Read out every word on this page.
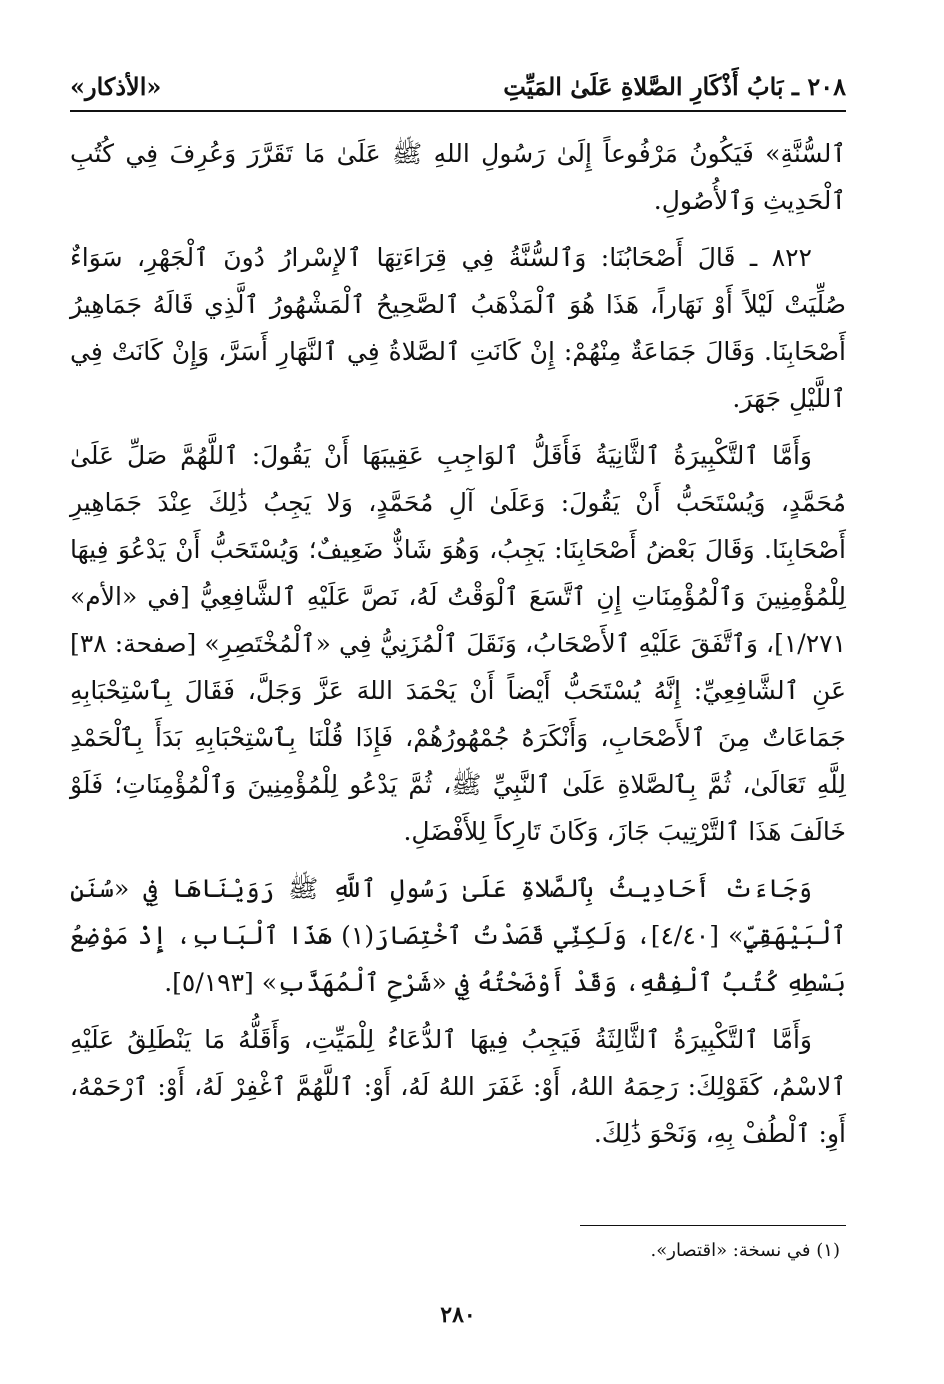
٢٠٨ ـ بَابُ أَذْكَارِ الصَّلاةِ عَلَىٰ المَيِّتِ
«الأذكار»

ٱلسُّنَّةِ» فَيَكُونُ مَرْفُوعاً إِلَىٰ رَسُولِ اللهِ ﷺ عَلَىٰ مَا تَقَرَّرَ وَعُرِفَ فِي كُتُبِ ٱلْحَدِيثِ وَٱلأُصُولِ.

٨٢٢ ـ قَالَ أَصْحَابُنَا: وَٱلسُّنَّةُ فِي قِرَاءَتِهَا ٱلإِسْرارُ دُونَ ٱلْجَهْرِ، سَوَاءٌ صُلِّيَتْ لَيْلاً أَوْ نَهَاراً، هَذَا هُوَ ٱلْمَذْهَبُ ٱلصَّحِيحُ ٱلْمَشْهُورُ ٱلَّذِي قَالَهُ جَمَاهِيرُ أَصْحَابِنَا. وَقَالَ جَمَاعَةٌ مِنْهُمْ: إِنْ كَانَتِ ٱلصَّلاةُ فِي ٱلنَّهَارِ أَسَرَّ، وَإِنْ كَانَتْ فِي ٱللَّيْلِ جَهَرَ.

وَأَمَّا ٱلتَّكْبِيرَةُ ٱلثَّانِيَةُ فَأَقَلُّ ٱلوَاجِبِ عَقِيبَهَا أَنْ يَقُولَ: ٱللَّهُمَّ صَلِّ عَلَىٰ مُحَمَّدٍ، وَيُسْتَحَبُّ أَنْ يَقُولَ: وَعَلَىٰ آلِ مُحَمَّدٍ، وَلا يَجِبُ ذَٰلِكَ عِنْدَ جَمَاهِيرِ أَصْحَابِنَا. وَقَالَ بَعْضُ أَصْحَابِنَا: يَجِبُ، وَهُوَ شَاذٌّ ضَعِيفٌ؛ وَيُسْتَحَبُّ أَنْ يَدْعُوَ فِيهَا لِلْمُؤْمِنِينَ وَٱلْمُؤْمِنَاتِ إِنِ ٱتَّسَعَ ٱلْوَقْتُ لَهُ، نَصَّ عَلَيْهِ ٱلشَّافِعِيُّ [في «الأم» ١/٢٧١]، وَٱتَّفَقَ عَلَيْهِ ٱلأَصْحَابُ، وَنَقَلَ ٱلْمُزَنِيُّ فِي «ٱلْمُخْتَصِرِ» [صفحة: ٣٨] عَنِ ٱلشَّافِعِيِّ: إِنَّهُ يُسْتَحَبُّ أَيْضاً أَنْ يَحْمَدَ اللهَ عَزَّ وَجَلَّ، فَقَالَ بِٱسْتِحْبَابِهِ جَمَاعَاتٌ مِنَ ٱلأَصْحَابِ، وَأَنْكَرَهُ جُمْهُورُهُمْ، فَإِذَا قُلْنَا بِٱسْتِحْبَابِهِ بَدَأَ بِٱلْحَمْدِ لِلَّهِ تَعَالَىٰ، ثُمَّ بِٱلصَّلاةِ عَلَىٰ ٱلنَّبِيِّ ﷺ، ثُمَّ يَدْعُو لِلْمُؤْمِنِينَ وَٱلْمُؤْمِنَاتِ؛ فَلَوْ خَالَفَ هَذَا ٱلتَّرْتِيبَ جَازَ، وَكَانَ تَارِكاً لِلأَفْضَلِ.

وَجَاءَتْ أَحَادِيثُ بِٱلصَّلاةِ عَلَىٰ رَسُولِ ٱللَّهِ ﷺ رَوَيْنَاهَا فِي «سُنَنِ ٱلْبَيْهَقِيِّ» [٤/٤٠]، وَلَكِنِّي قَصَدْتُ ٱخْتِصَارَ(١) هَذَا ٱلْبَابِ، إِذْ مَوْضِعُ بَسْطِهِ كُتُبُ ٱلْفِقْهِ، وَقَدْ أَوْضَحْتُهُ فِي «شَرْحِ ٱلْمُهَذَّبِ» [٥/١٩٣].

وَأَمَّا ٱلتَّكْبِيرَةُ ٱلثَّالِثَةُ فَيَجِبُ فِيهَا ٱلدُّعَاءُ لِلْمَيِّتِ، وَأَقَلُّهُ مَا يَنْطَلِقُ عَلَيْهِ ٱلاسْمُ، كَقَوْلِكَ: رَحِمَهُ اللهُ، أَوْ: غَفَرَ اللهُ لَهُ، أَوْ: ٱللَّهُمَّ ٱغْفِرْ لَهُ، أَوْ: ٱرْحَمْهُ، أَوِ: ٱلْطُفْ بِهِ، وَنَحْوَ ذَٰلِكَ.

(١) في نسخة: «اقتصار».
٢٨٠
